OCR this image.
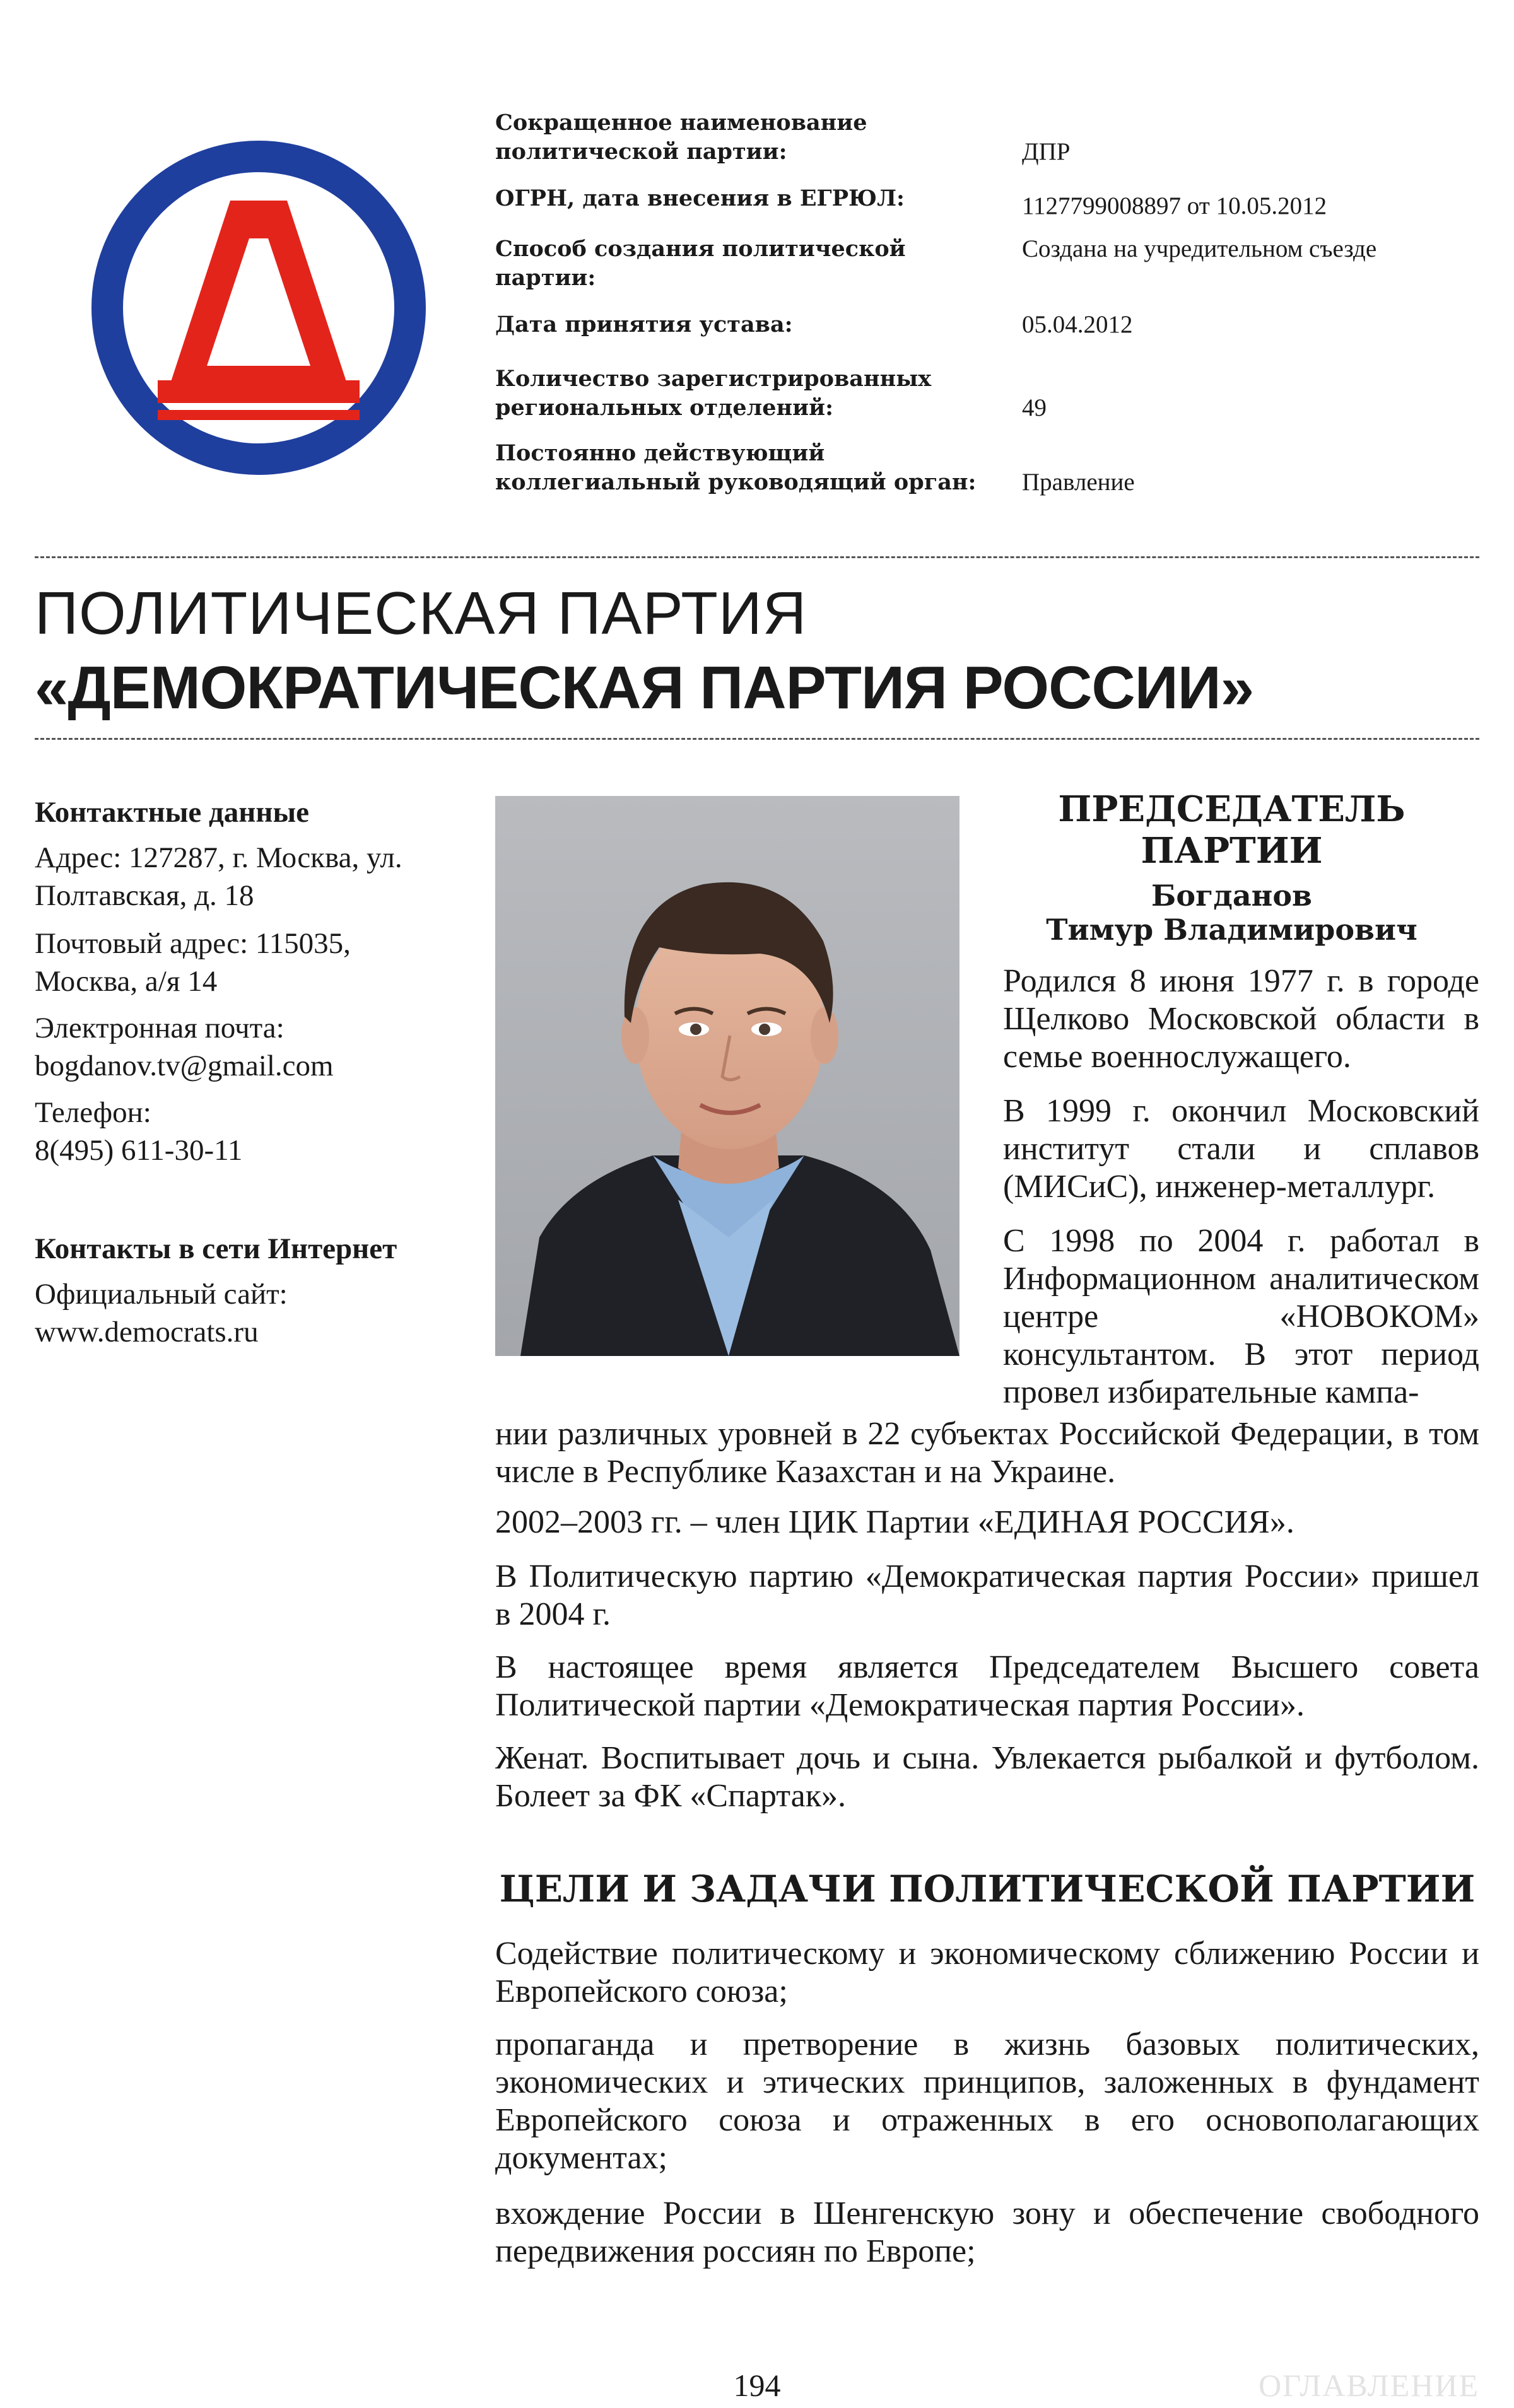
Сокращенное наименование политической партии:	ДПР
ОГРН, дата внесения в ЕГРЮЛ:	1127799008897 от 10.05.2012
Способ создания политической партии:
Создана на учредительном съезде
Дата принятия устава:	05.04.2012
Количество зарегистрированных региональных отделений:	49
Постоянно действующий коллегиальный руководящий орган:	Правление
ПОЛИТИЧЕСКАЯ ПАРТИЯ
«ДЕМОКРАТИЧЕСКАЯ ПАРТИЯ РОССИИ»
Контактные данные
Адрес: 127287, г. Москва, ул. Полтавская, д. 18
Почтовый адрес: 115035, Москва, а/я 14
Электронная почта:
bogdanov.tv@gmail.com
Телефон:
8(495) 611-30-11
Контакты в сети Интернет
Официальный сайт:
www.democrats.ru
ПРЕДСЕДАТЕЛЬ ПАРТИИ
Богданов
Тимур Владимирович

Родился 8 июня 1977 г. в городе Щелково Московской области в семье военнослужащего.

В 1999 г. окончил Московский институт стали и сплавов (МИСиС), инженер-металлург.

С 1998 по 2004 г. работал в Информационном аналитическом центре «НОВОКОМ» консультантом. В этот период провел избирательные кампа-

нии различных уровней в 22 субъектах Российской Федерации, в том числе в Республике Казахстан и на Украине.

2002–2003 гг. – член ЦИК Партии «ЕДИНАЯ РОССИЯ».

В Политическую партию «Демократическая партия России» пришел в 2004 г.

В настоящее время является Председателем Высшего совета Политической партии «Демократическая партия России».

Женат. Воспитывает дочь и сына. Увлекается рыбалкой и футболом. Болеет за ФК «Спартак».

ЦЕЛИ И ЗАДАЧИ ПОЛИТИЧЕСКОЙ ПАРТИИ

Содействие политическому и экономическому сближению России и Европейского союза;

пропаганда и претворение в жизнь базовых политических, экономических и этических принципов, заложенных в фундамент Европейского союза и отраженных в его основополагающих документах;

вхождение России в Шенгенскую зону и обеспечение свободного передвижения россиян по Европе;

194	ОГЛАВЛЕНИЕ
